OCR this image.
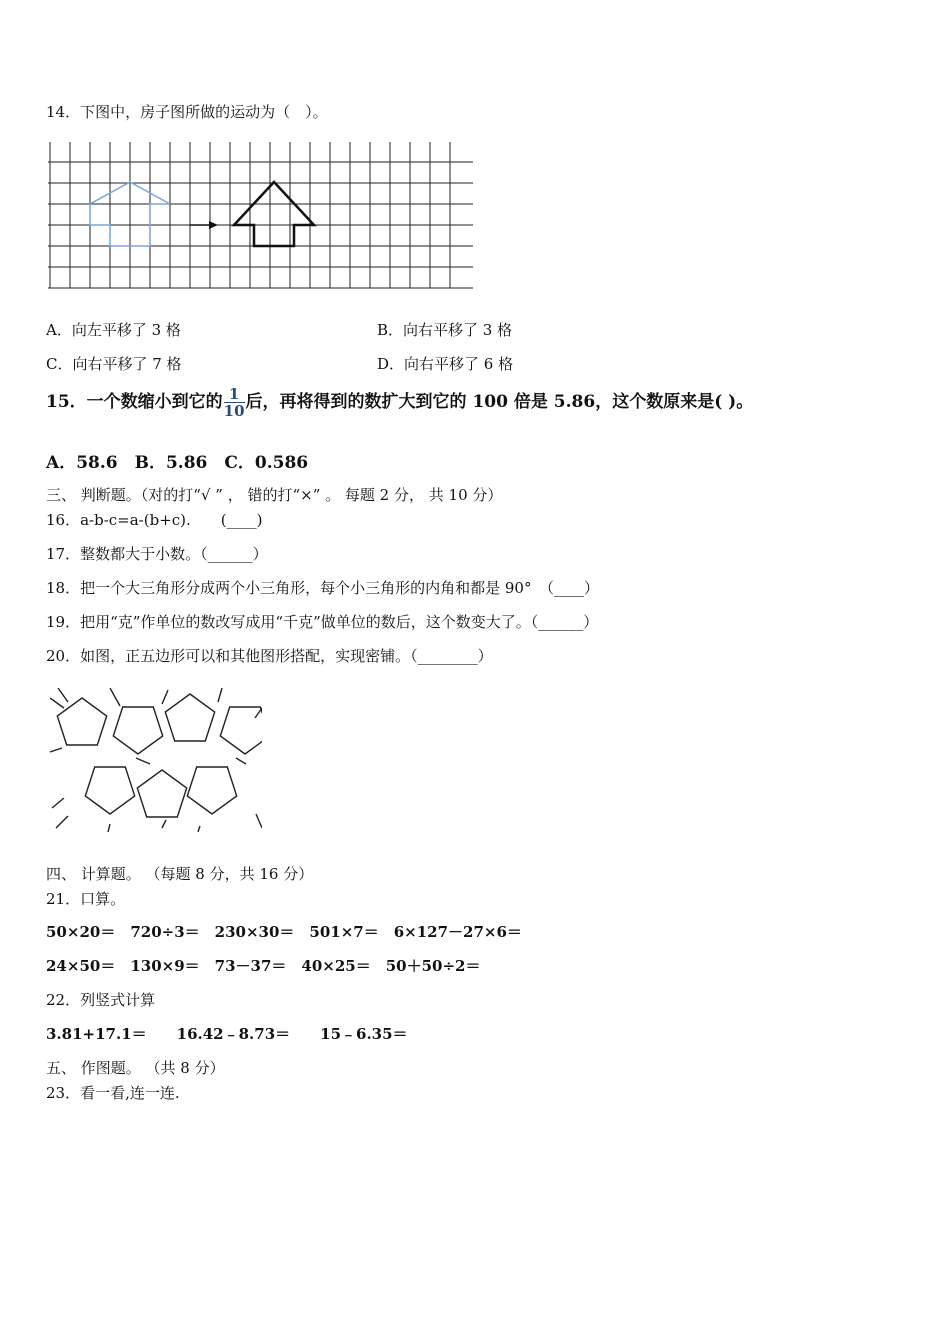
14．下图中，房子图所做的运动为（　）。
A．向左平移了 3 格	B．向右平移了 3 格
C．向右平移了 7 格	D．向右平移了 6 格
15．一个数缩小到它的 $\frac{1}{10}$ 后，再将得到的数扩大到它的 100 倍是 5.86，这个数原来是( )。
A．58.6　B．5.86　C．0.586
三、 判断题。（对的打“√ ” ， 错的打“×” 。 每题 2 分， 共 10 分）
16．a-b-c=a-(b+c).　　(____)
17．整数都大于小数。（______）
18．把一个大三角形分成两个小三角形，每个小三角形的内角和都是 90°　（____）
19．把用“克”作单位的数改写成用“千克”做单位的数后，这个数变大了。（______）
20．如图，正五边形可以和其他图形搭配，实现密铺。（________）
四、 计算题。 （每题 8 分，共 16 分）
21．口算。
50×20＝　720÷3＝　230×30＝　501×7＝　6×127－27×6＝
24×50＝　130×9＝　73－37＝　40×25＝　50＋50÷2＝
22．列竖式计算
3.81+17.1＝　　16.42﹣8.73＝　　15﹣6.35＝
五、 作图题。 （共 8 分）
23．看一看,连一连.
